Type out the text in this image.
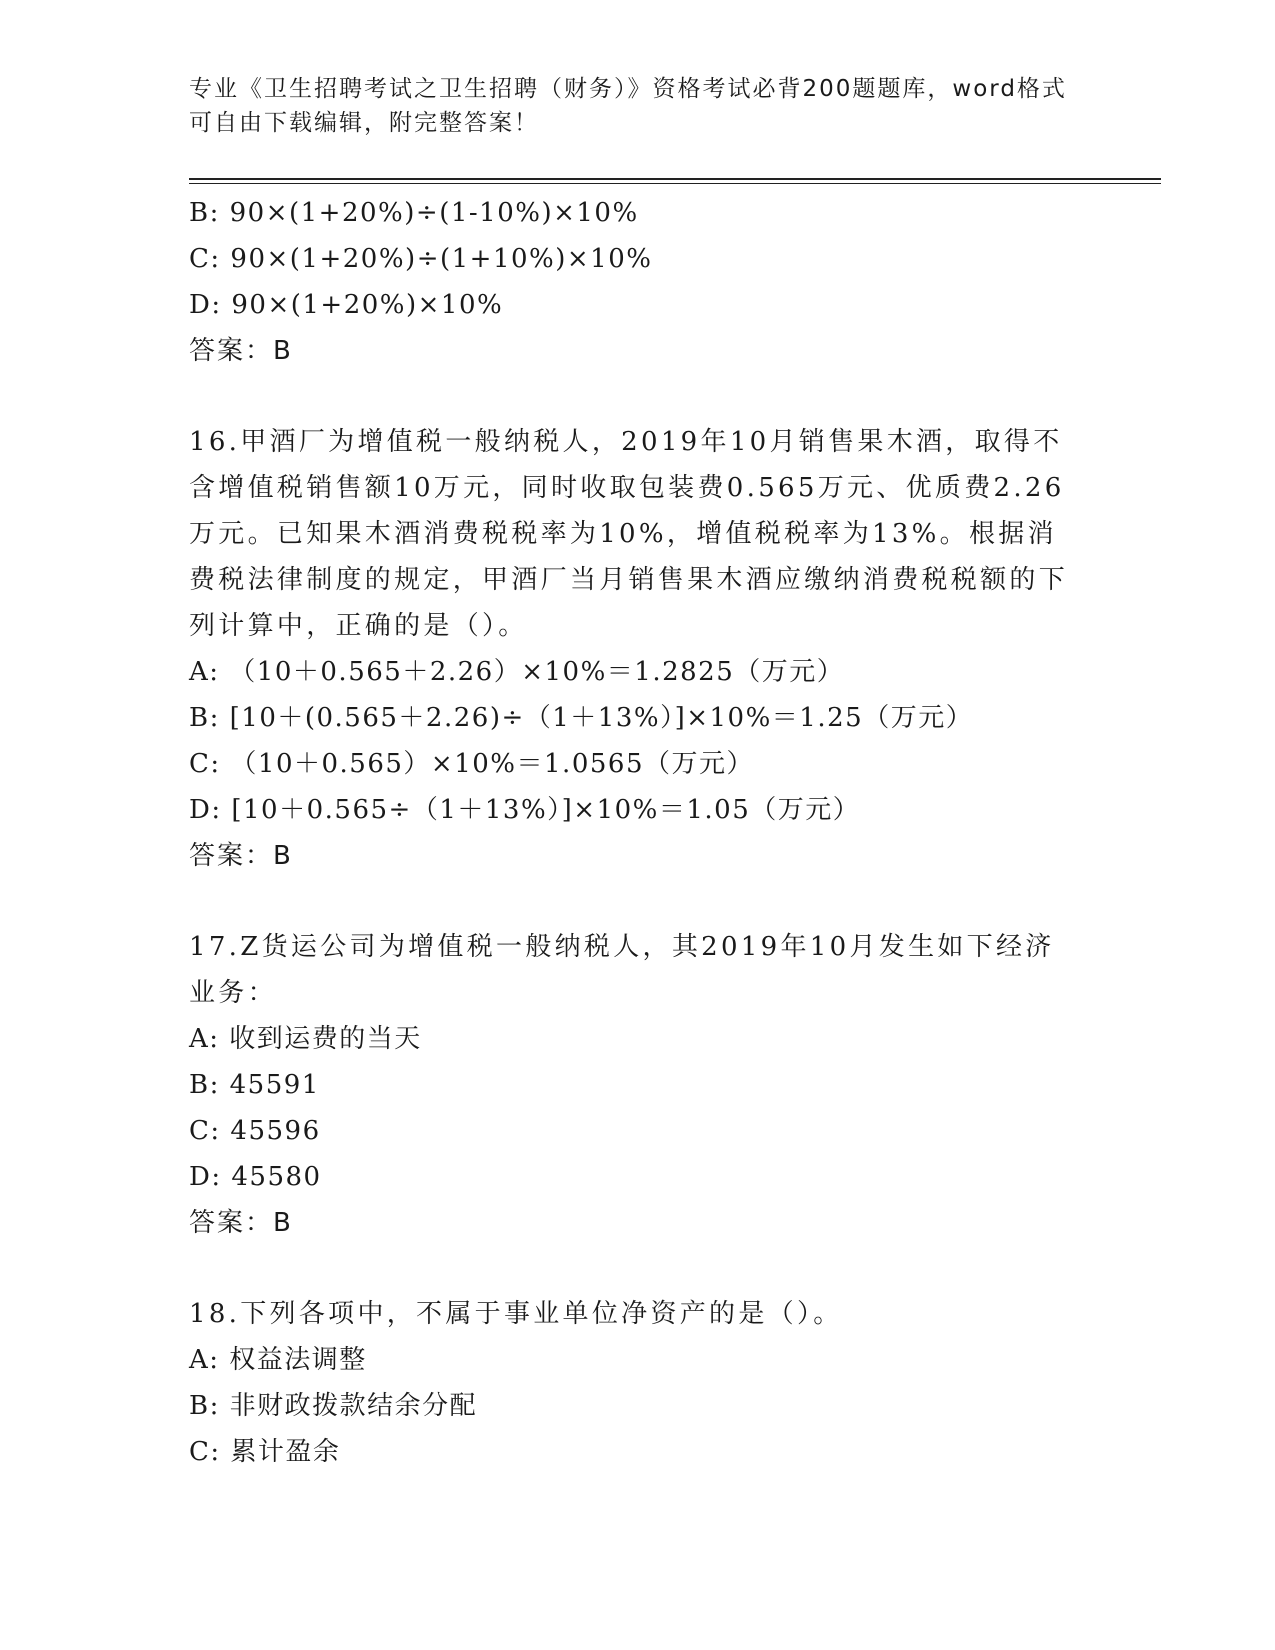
专业《卫生招聘考试之卫生招聘（财务）》资格考试必背200题题库，word格式
可自由下载编辑，附完整答案！
B: 90×(1+20%)÷(1-10%)×10%
C: 90×(1+20%)÷(1+10%)×10%
D: 90×(1+20%)×10%
答案：B
16.甲酒厂为增值税一般纳税人，2019年10月销售果木酒，取得不含增值税销售额10万元，同时收取包装费0.565万元、优质费2.26万元。已知果木酒消费税税率为10%，增值税税率为13%。根据消费税法律制度的规定，甲酒厂当月销售果木酒应缴纳消费税税额的下列计算中，正确的是（）。
A: （10＋0.565＋2.26）×10%＝1.2825（万元）
B: [10＋(0.565＋2.26)÷（1＋13%）]×10%＝1.25（万元）
C: （10＋0.565）×10%＝1.0565（万元）
D: [10＋0.565÷（1＋13%）]×10%＝1.05（万元）
答案：B
17.Z货运公司为增值税一般纳税人，其2019年10月发生如下经济业务：
A: 收到运费的当天
B: 45591
C: 45596
D: 45580
答案：B
18.下列各项中，不属于事业单位净资产的是（）。
A: 权益法调整
B: 非财政拨款结余分配
C: 累计盈余
